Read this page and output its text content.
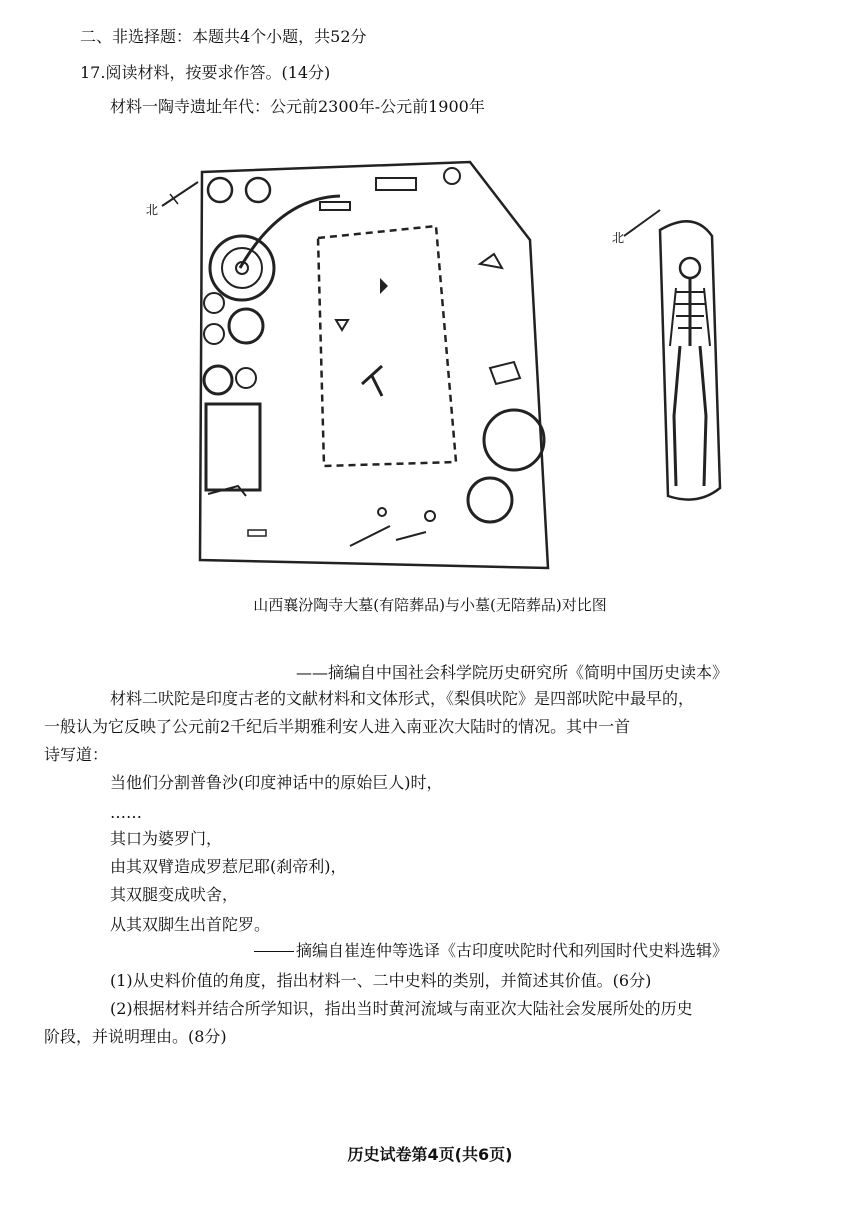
二、非选择题：本题共4个小题，共52分
17.阅读材料，按要求作答。(14分)
材料一陶寺遗址年代：公元前2300年-公元前1900年
北
北
山西襄汾陶寺大墓(有陪葬品)与小墓(无陪葬品)对比图
——摘编自中国社会科学院历史研究所《简明中国历史读本》
材料二吠陀是印度古老的文献材料和文体形式，《梨俱吠陀》是四部吠陀中最早的，
一般认为它反映了公元前2千纪后半期雅利安人进入南亚次大陆时的情况。其中一首
诗写道：
当他们分割普鲁沙(印度神话中的原始巨人)时，
……
其口为婆罗门，
由其双臂造成罗惹尼耶(刹帝利)，
其双腿变成吠舍，
从其双脚生出首陀罗。
摘编自崔连仲等选译《古印度吠陀时代和列国时代史料选辑》
(1)从史料价值的角度，指出材料一、二中史料的类别，并简述其价值。(6分)
(2)根据材料并结合所学知识，指出当时黄河流域与南亚次大陆社会发展所处的历史
阶段，并说明理由。(8分)
历史试卷第4页(共6页)
